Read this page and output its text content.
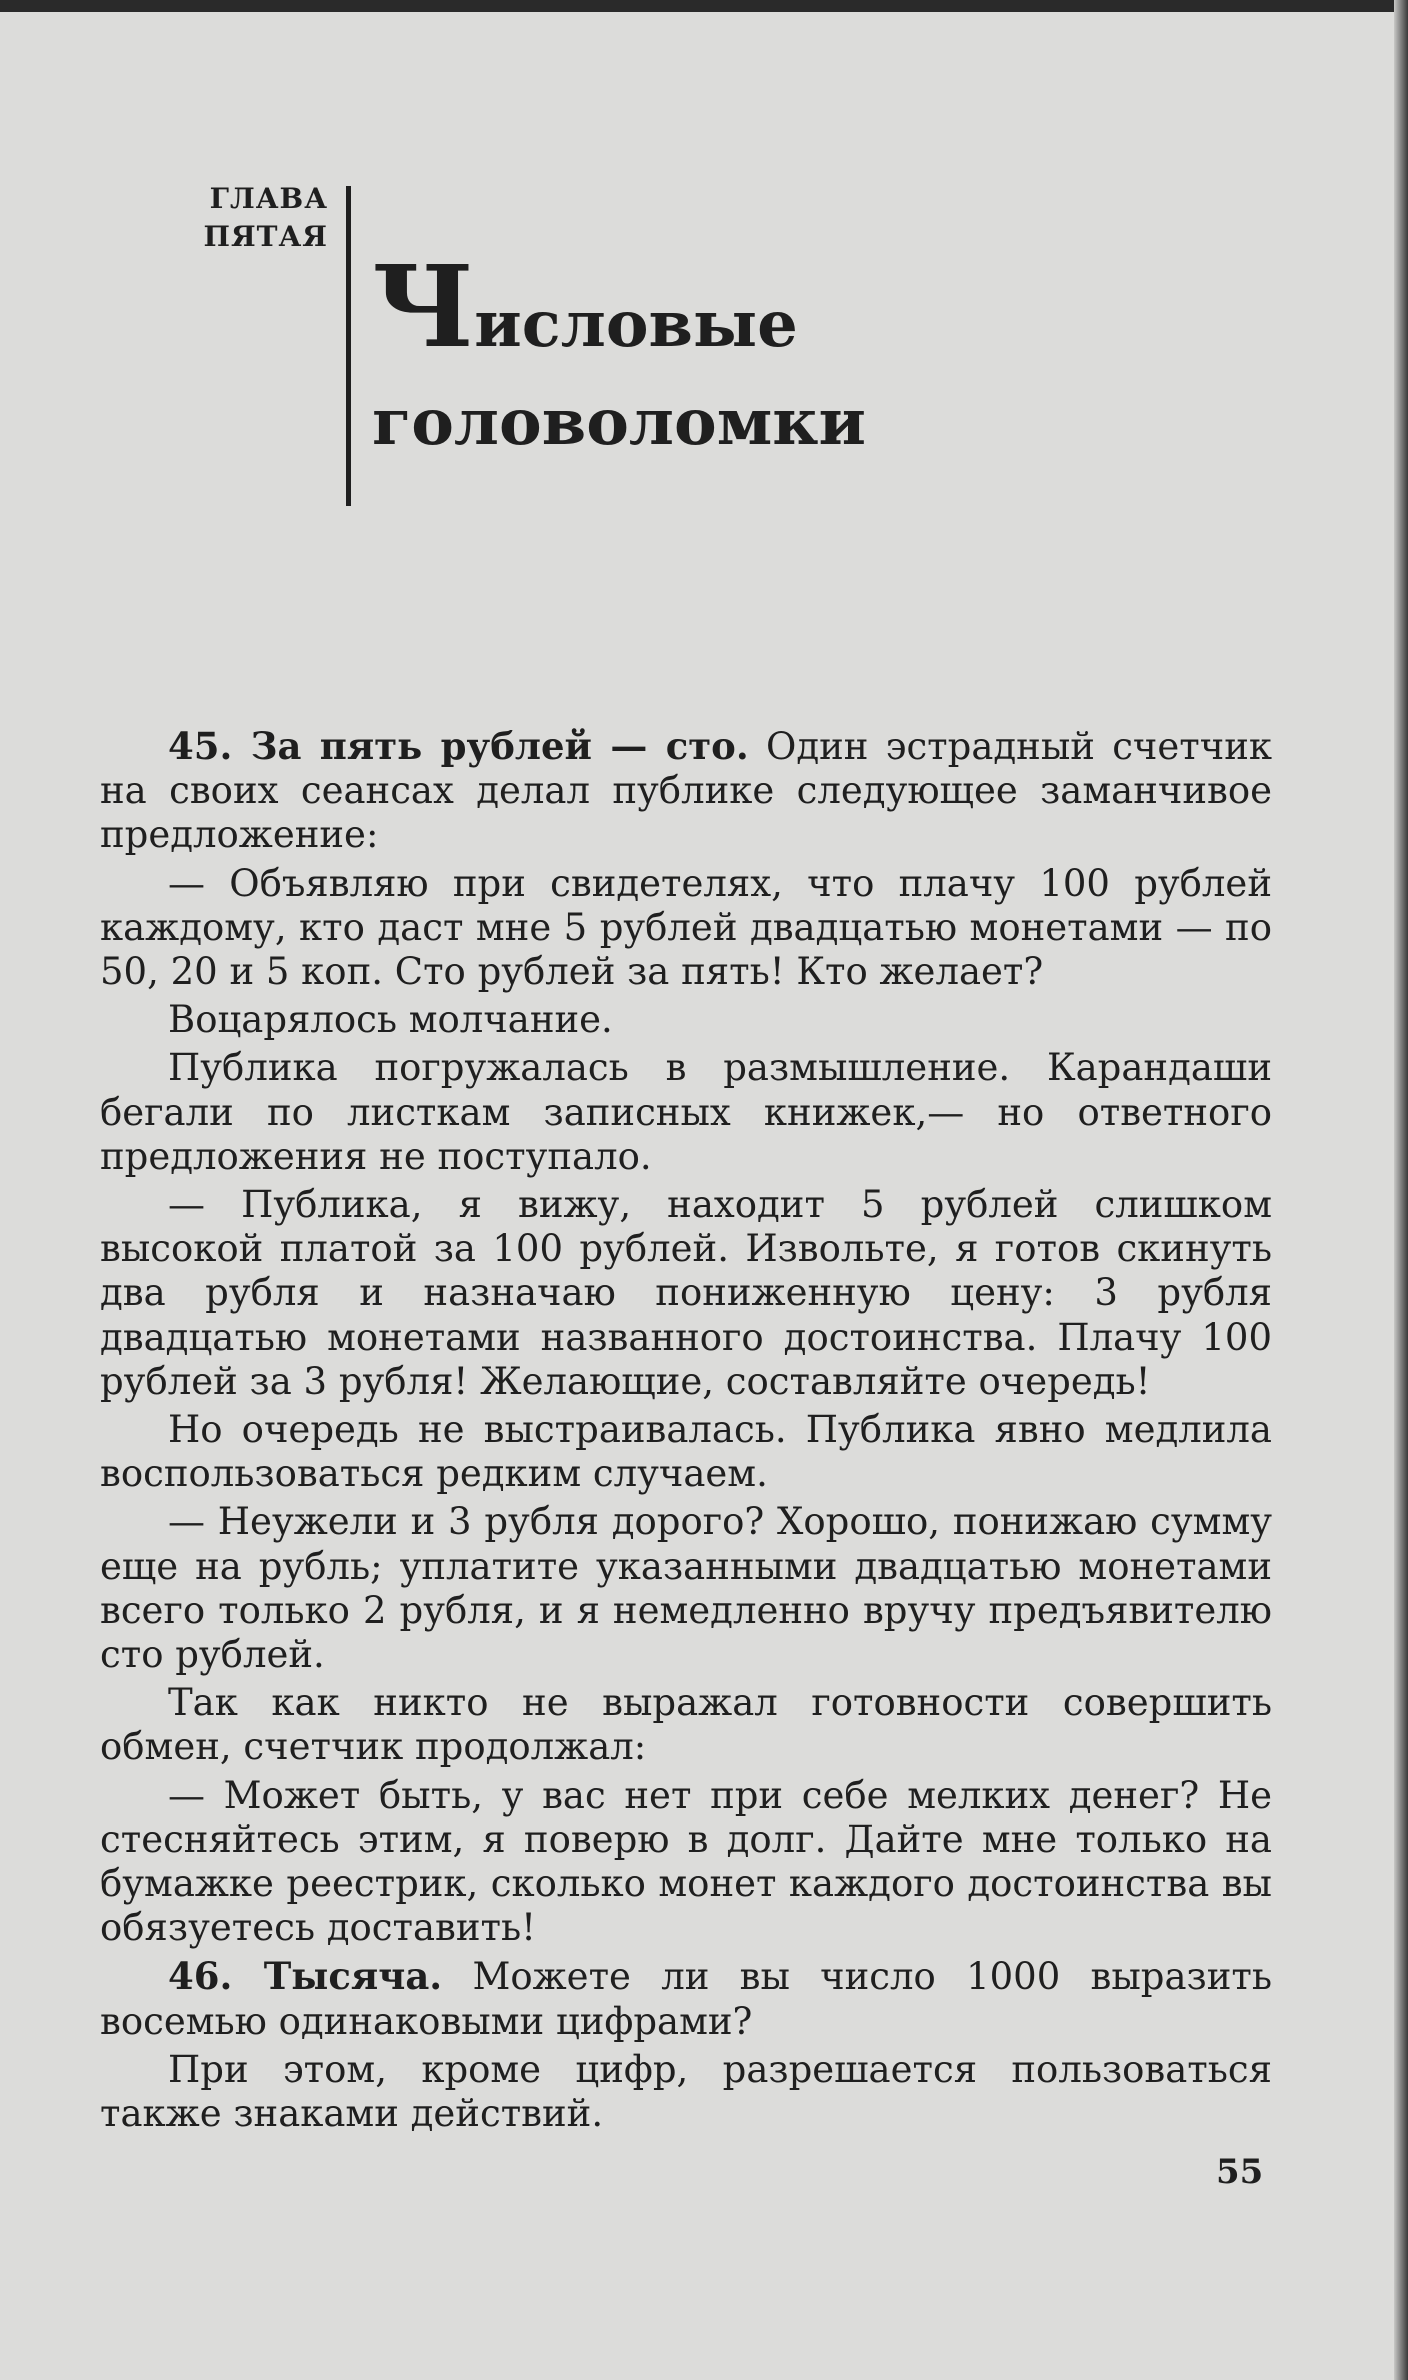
ГЛАВА
ПЯТАЯ
Числовые
головоломки

45. За пять рублей — сто. Один эстрадный счетчик на своих сеансах делал публике следующее заманчивое предложение:

— Объявляю при свидетелях, что плачу 100 рублей каждому, кто даст мне 5 рублей двадцатью монетами — по 50, 20 и 5 коп. Сто рублей за пять! Кто желает?

Воцарялось молчание.

Публика погружалась в размышление. Карандаши бегали по листкам записных книжек,— но ответного предложения не поступало.

— Публика, я вижу, находит 5 рублей слишком высокой платой за 100 рублей. Извольте, я готов скинуть два рубля и назначаю пониженную цену: 3 рубля двадцатью монетами названного достоинства. Плачу 100 рублей за 3 рубля! Желающие, составляйте очередь!

Но очередь не выстраивалась. Публика явно медлила воспользоваться редким случаем.

— Неужели и 3 рубля дорого? Хорошо, понижаю сумму еще на рубль; уплатите указанными двадцатью монетами всего только 2 рубля, и я немедленно вручу предъявителю сто рублей.

Так как никто не выражал готовности совершить обмен, счетчик продолжал:

— Может быть, у вас нет при себе мелких денег? Не стесняйтесь этим, я поверю в долг. Дайте мне только на бумажке реестрик, сколько монет каждого достоинства вы обязуетесь доставить!

46. Тысяча. Можете ли вы число 1000 выразить восемью одинаковыми цифрами?

При этом, кроме цифр, разрешается пользоваться также знаками действий.

55
